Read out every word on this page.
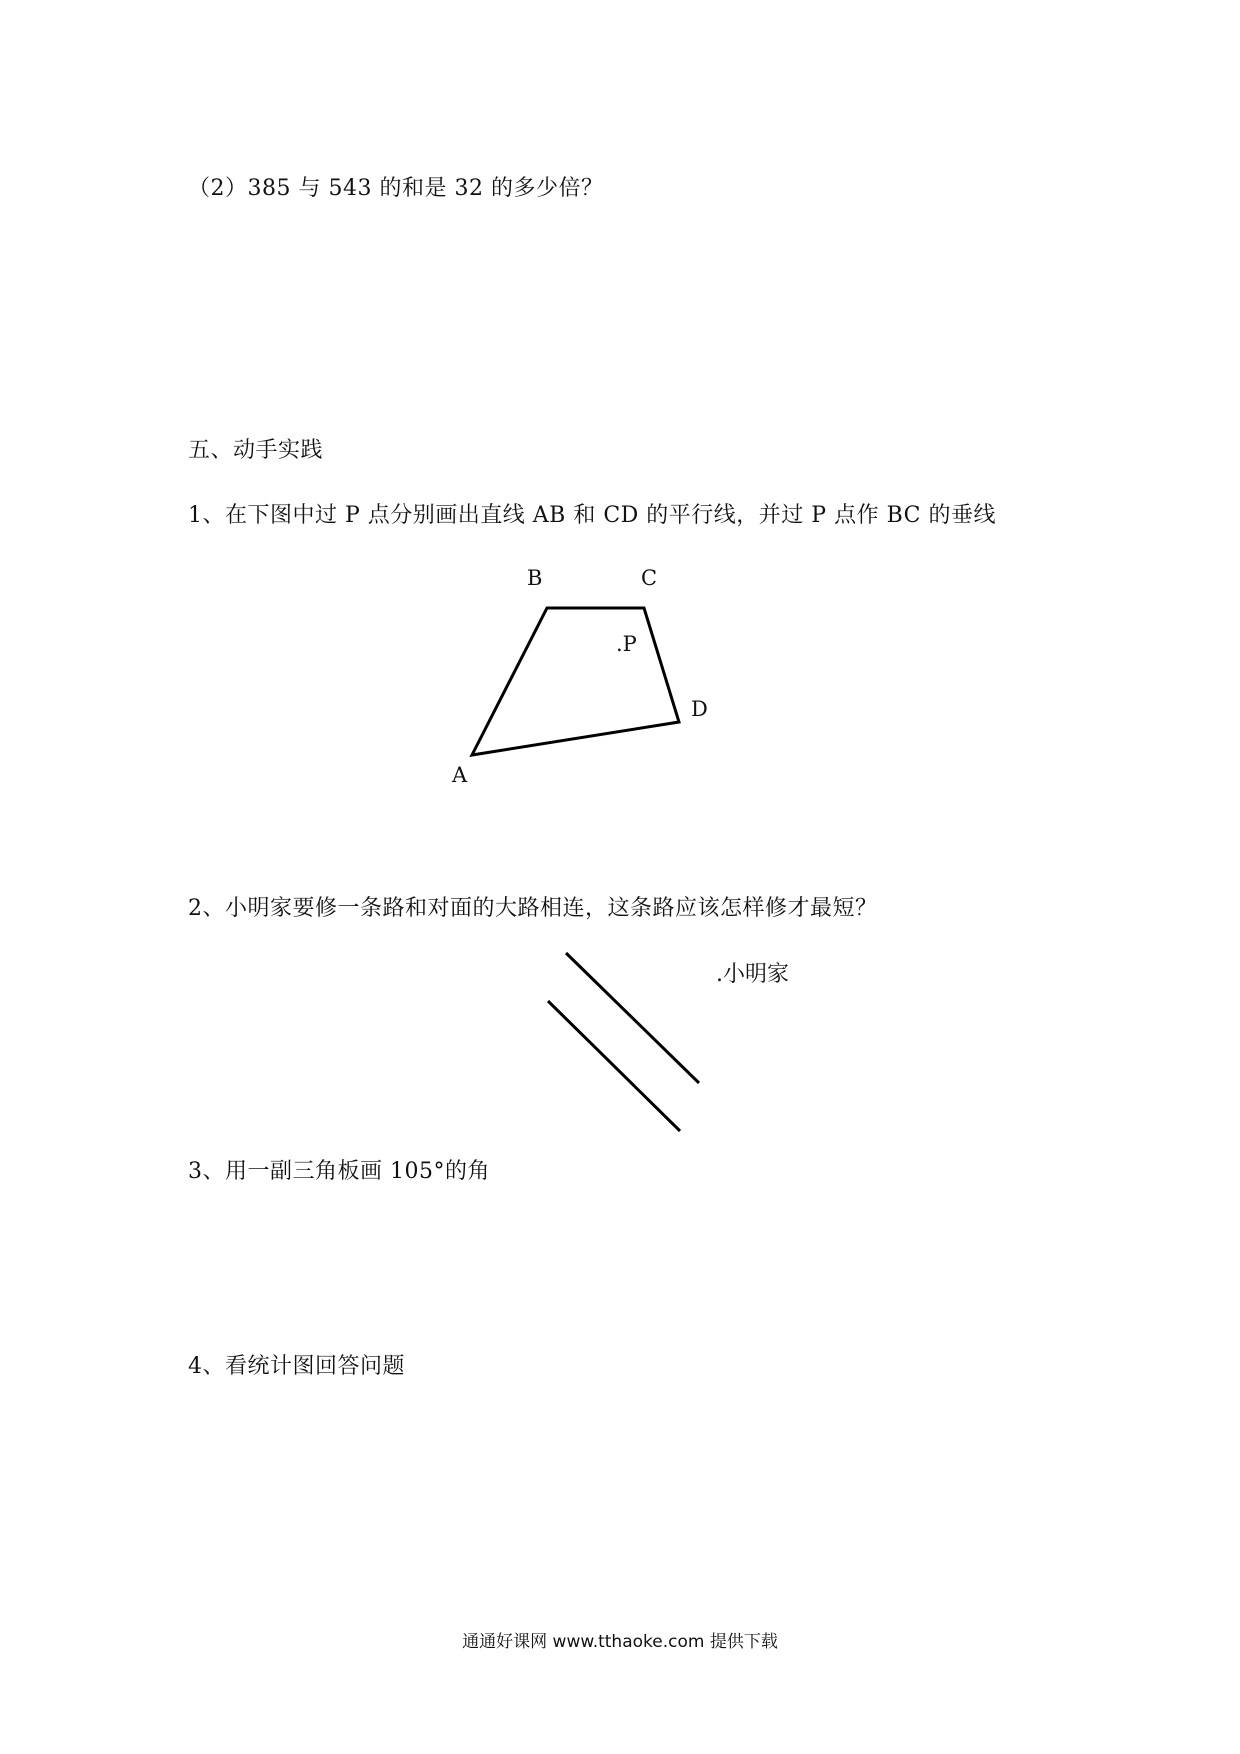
（2）385 与 543 的和是 32 的多少倍？
五、动手实践
1、在下图中过 P 点分别画出直线 AB 和 CD 的平行线，并过 P 点作 BC 的垂线
B	C
.P
D
A
2、小明家要修一条路和对面的大路相连，这条路应该怎样修才最短？
.小明家
3、用一副三角板画 105°的角
4、看统计图回答问题
通通好课网 www.tthaoke.com 提供下载
